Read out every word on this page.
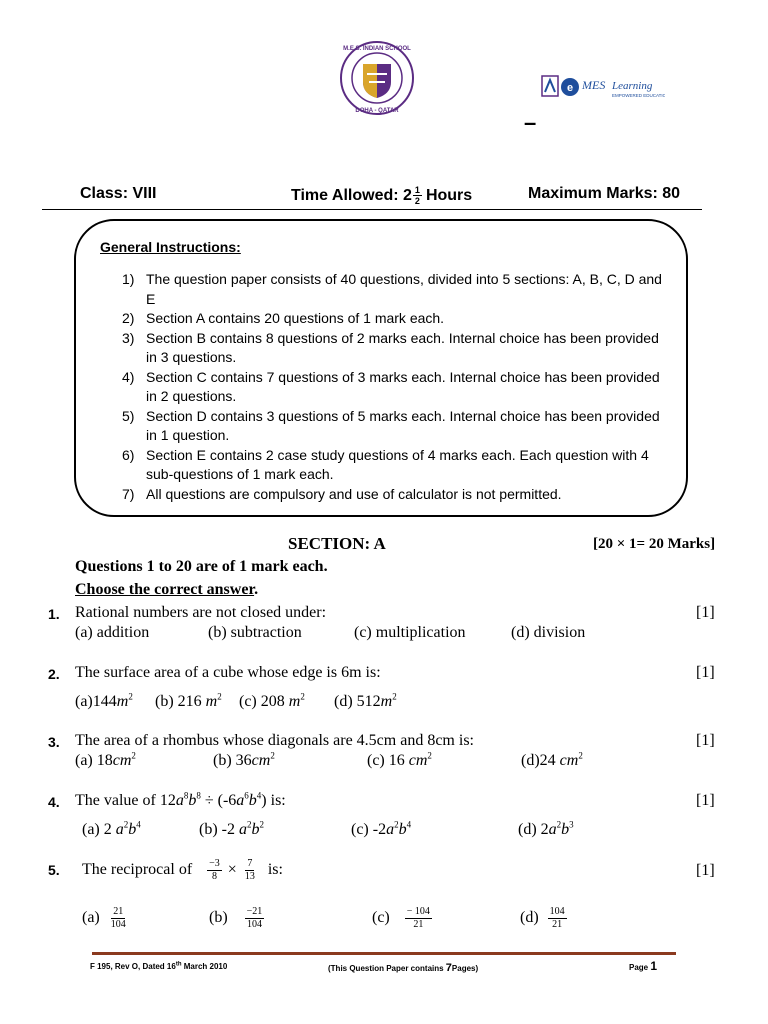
M.E.S. INDIAN SCHOOL
DOHA - QATAR
e MES Learning
EMPOWERED EDUCATION
–
Class: VIII	Time Allowed: $2 \frac{1}{2}$ Hours	Maximum Marks: 80
General Instructions:
1) The question paper consists of 40 questions, divided into 5 sections: A, B, C, D and E
2) Section A contains 20 questions of 1 mark each.
3) Section B contains 8 questions of 2 marks each. Internal choice has been provided in 3 questions.
4) Section C contains 7 questions of 3 marks each. Internal choice has been provided in 2 questions.
5) Section D contains 3 questions of 5 marks each. Internal choice has been provided in 1 question.
6) Section E contains 2 case study questions of 4 marks each. Each question with 4 sub-questions of 1 mark each.
7) All questions are compulsory and use of calculator is not permitted.
SECTION: A	[20 × 1= 20 Marks]
Questions 1 to 20 are of 1 mark each.
Choose the correct answer.
1. Rational numbers are not closed under:	[1]
(a) addition	(b) subtraction	(c) multiplication	(d) division
2. The surface area of a cube whose edge is 6m is:	[1]
$(a)144m^2$ (b) 216 $m^2$ (c) 208 $m^2$ (d) $512m^2$
3. The area of a rhombus whose diagonals are 4.5cm and 8cm is:	[1]
(a) $18cm^2$	(b) $36cm^2$	(c) 16 $cm^2$	(d)24 $cm^2$
4. The value of $12a^8b^8 \div (-6a^6b^4)$ is:	[1]
(a) 2 $a^2b^4$	(b) -2 $a^2b^2$	(c) $-2a^2b^4$	(d) $2a^2b^3$
5. The reciprocal of $\frac{-3}{8} \times \frac{7}{13}$ is:	[1]
$(a) \frac{21}{104}$	$(b) \frac{-21}{104}$	$(c) \frac{- 104}{21}$	$(d) \frac{104}{21}$
F 195, Rev O, Dated 16th March 2010	(This Question Paper contains 7Pages)	Page 1
